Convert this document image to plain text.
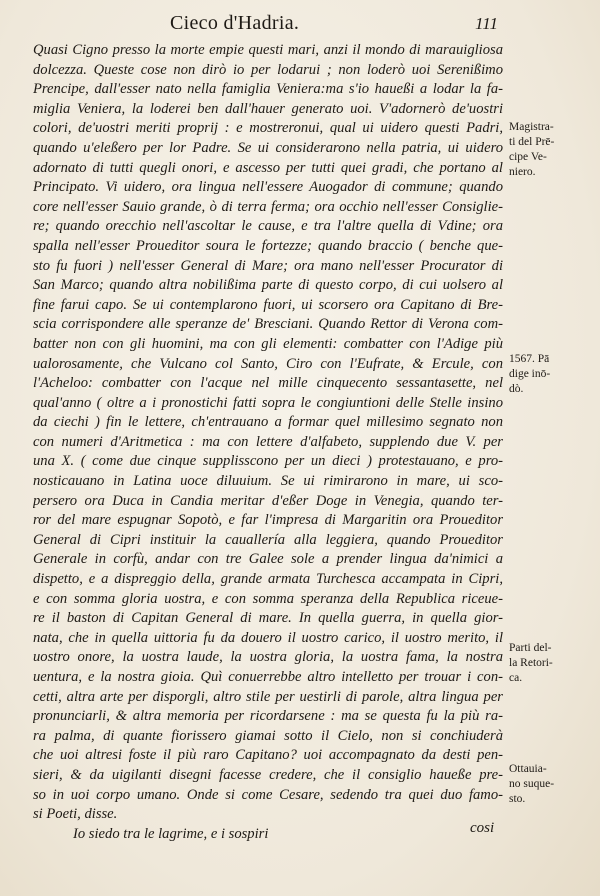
Cieco d'Hadria.	111
Quasi Cigno presso la morte empie questi mari, anzi il mondo di marauigliosa
dolcezza. Queste cose non dirò io per lodarui ; non loderò uoi Serenißimo
Prencipe, dall'esser nato nella famiglia Veniera:ma s'io haueßi a lodar la fa-
miglia Veniera, la loderei ben dall'hauer generato uoi. V'adornerò de'uostri
colori, de'uostri meriti proprij : e mostreronui, qual ui uidero questi Padri,
quando u'eleßero per lor Padre. Se ui considerarono nella patria, ui uidero
adornato di tutti quegli onori, e ascesso per tutti quei gradi, che portano al
Principato. Vi uidero, ora lingua nell'essere Auogador di commune; quando
core nell'esser Sauio grande, ò di terra ferma; ora occhio nell'esser Consiglie-
re; quando orecchio nell'ascoltar le cause, e tra l'altre quella di Vdine; ora
spalla nell'esser Proueditor soura le fortezze; quando braccio ( benche que-
sto fu fuori ) nell'esser General di Mare; ora mano nell'esser Procurator di
San Marco; quando altra nobilißima parte di questo corpo, di cui uolsero al
fine farui capo. Se ui contemplarono fuori, ui scorsero ora Capitano di Bre-
scia corrispondere alle speranze de' Bresciani. Quando Rettor di Verona com-
batter non con gli huomini, ma con gli elementi: combatter con l'Adige più
ualorosamente, che Vulcano col Santo, Ciro con l'Eufrate, & Ercule, con
l'Acheloo: combatter con l'acque nel mille cinquecento sessantasette, nel
qual'anno ( oltre a i pronostichi fatti sopra le congiuntioni delle Stelle insino
da ciechi ) fin le lettere, ch'entrauano a formar quel millesimo segnato non
con numeri d'Aritmetica : ma con lettere d'alfabeto, supplendo due V. per
una X. ( come due cinque supplisscono per un dieci ) protestauano, e pro-
nosticauano in Latina uoce diluuium. Se ui rimirarono in mare, ui sco-
persero ora Duca in Candia meritar d'eßer Doge in Venegia, quando ter-
ror del mare espugnar Sopotò, e far l'impresa di Margaritin ora Proueditor
General di Cipri instituir la cauallería alla leggiera, quando Proueditor
Generale in corfù, andar con tre Galee sole a prender lingua da'nimici a
dispetto, e a dispreggio della, grande armata Turchesca accampata in Cipri,
e con somma gloria uostra, e con somma speranza della Republica riceue-
re il baston di Capitan General di mare. In quella guerra, in quella gior-
nata, che in quella uittoria fu da douero il uostro carico, il uostro merito, il
uostro onore, la uostra laude, la uostra gloria, la uostra fama, la nostra
uentura, e la nostra gioia. Quì conuerrebbe altro intelletto per trouar i con-
cetti, altra arte per disporgli, altro stile per uestirli di parole, altra lingua per
pronunciarli, & altra memoria per ricordarsene : ma se questa fu la più ra-
ra palma, di quante fiorissero giamai sotto il Cielo, non si conchiuderà
che uoi altresi foste il più raro Capitano? uoi accompagnato da desti pen-
sieri, & da uigilanti disegni facesse credere, che il consiglio haueße pre-
so in uoi corpo umano. Onde si come Cesare, sedendo tra quei duo famo-
si Poeti, disse.
Io siedo tra le lagrime, e i sospiri
Magistra-
ti del Prē-
cipe Ve-
niero.
1567. Pā
dige inō-
dò.
Parti del-
la Retori-
ca.
Ottauia-
no suque-
sto.
cosi
